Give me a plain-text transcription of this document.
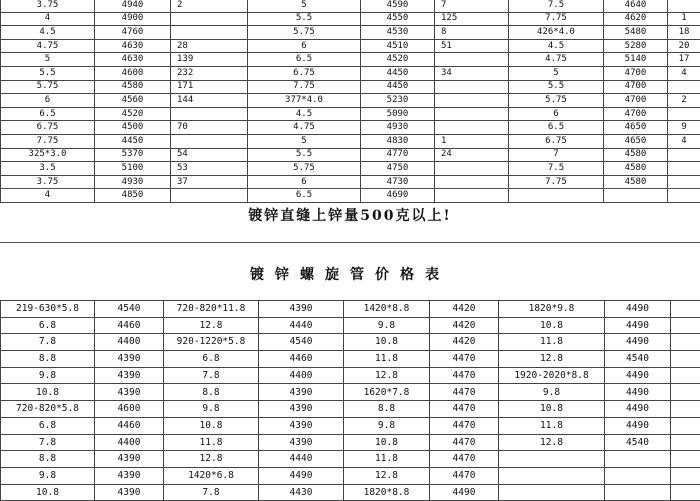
3.75	4940	2	5	4590	7	7.5	4640	
4	4900		5.5	4550	125	7.75	4620	1
4.5	4760		5.75	4530	8	426*4.0	5480	18
4.75	4630	28	6	4510	51	4.5	5280	20
5	4630	139	6.5	4520		4.75	5140	17
5.5	4600	232	6.75	4450	34	5	4700	4
5.75	4580	171	7.75	4450		5.5	4700	
6	4560	144	377*4.0	5230		5.75	4700	2
6.5	4520		4.5	5090		6	4700	
6.75	4500	70	4.75	4930		6.5	4650	9
7.75	4450		5	4830	1	6.75	4650	4
325*3.0	5370	54	5.5	4770	24	7	4580	
3.5	5100	53	5.75	4750		7.5	4580	
3.75	4930	37	6	4730		7.75	4580	
4	4850		6.5	4690				
镀锌直缝上锌量500克以上!
镀锌螺旋管价格表
219-630*5.8	4540	720-820*11.8	4390	1420*8.8	4420	1820*9.8	4490	
6.8	4460	12.8	4440	9.8	4420	10.8	4490	
7.8	4400	920-1220*5.8	4540	10.8	4420	11.8	4490	
8.8	4390	6.8	4460	11.8	4470	12.8	4540	
9.8	4390	7.8	4400	12.8	4470	1920-2020*8.8	4490	
10.8	4390	8.8	4390	1620*7.8	4470	9.8	4490	
720-820*5.8	4600	9.8	4390	8.8	4470	10.8	4490	
6.8	4460	10.8	4390	9.8	4470	11.8	4490	
7.8	4400	11.8	4390	10.8	4470	12.8	4540	
8.8	4390	12.8	4440	11.8	4470			
9.8	4390	1420*6.8	4490	12.8	4470			
10.8	4390	7.8	4430	1820*8.8	4490			
